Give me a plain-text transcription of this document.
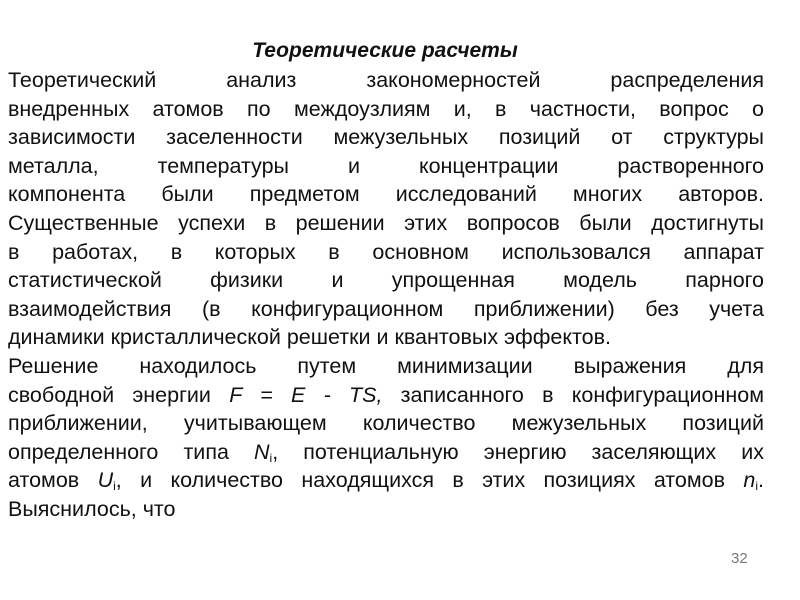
Теоретические расчеты

Теоретический анализ закономерностей распределения
внедренных атомов по междоузлиям и, в частности, вопрос о
зависимости заселенности межузельных позиций от структуры
металла, температуры и концентрации растворенного
компонента были предметом исследований многих авторов.
Существенные успехи в решении этих вопросов были достигнуты
в работах, в которых в основном использовался аппарат
статистической физики и упрощенная модель парного
взаимодействия (в конфигурационном приближении) без учета
динамики кристаллической решетки и квантовых эффектов.

Решение находилось путем минимизации выражения для
свободной энергии F = E - TS, записанного в конфигурационном
приближении, учитывающем количество межузельных позиций
определенного типа $N_i$, потенциальную энергию заселяющих их
атомов $U_i$, и количество находящихся в этих позициях атомов $n_i$.
Выяснилось, что

32
